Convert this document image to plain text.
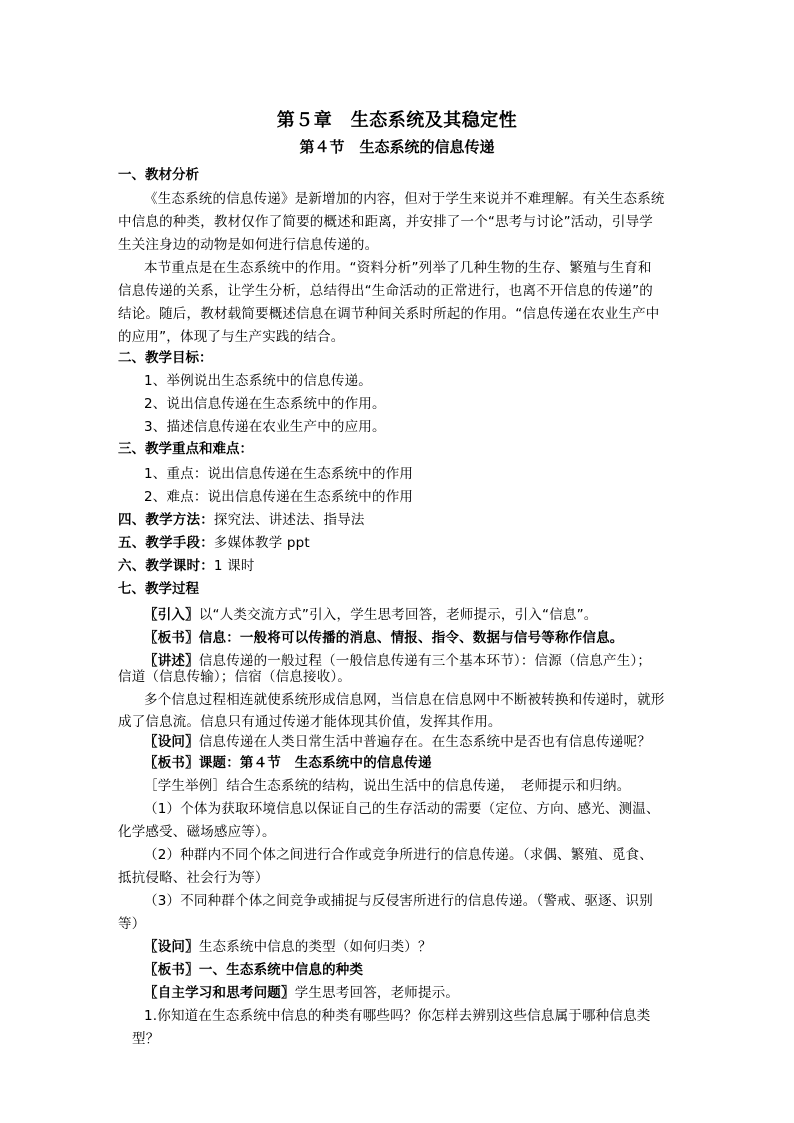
第５章　生态系统及其稳定性
第４节　生态系统的信息传递
一、教材分析
《生态系统的信息传递》是新增加的内容，但对于学生来说并不难理解。有关生态系统
中信息的种类，教材仅作了简要的概述和距离，并安排了一个“思考与讨论”活动，引导学
生关注身边的动物是如何进行信息传递的。
本节重点是在生态系统中的作用。“资料分析”列举了几种生物的生存、繁殖与生育和
信息传递的关系，让学生分析，总结得出“生命活动的正常进行，也离不开信息的传递”的
结论。随后，教材载简要概述信息在调节种间关系时所起的作用。“信息传递在农业生产中
的应用”，体现了与生产实践的结合。
二、教学目标：
1、举例说出生态系统中的信息传递。
2、说出信息传递在生态系统中的作用。
3、描述信息传递在农业生产中的应用。
三、教学重点和难点：
1、重点：说出信息传递在生态系统中的作用
2、难点：说出信息传递在生态系统中的作用
四、教学方法：探究法、讲述法、指导法
五、教学手段：多媒体教学 ppt
六、教学课时：1 课时
七、教学过程
〖引入〗以“人类交流方式”引入，学生思考回答，老师提示，引入“信息”。
〖板书〗信息：一般将可以传播的消息、情报、指令、数据与信号等称作信息。
〖讲述〗信息传递的一般过程（一般信息传递有三个基本环节）：信源（信息产生）；
信道（信息传输）；信宿（信息接收）。
多个信息过程相连就使系统形成信息网，当信息在信息网中不断被转换和传递时，就形
成了信息流。信息只有通过传递才能体现其价值，发挥其作用。
〖设问〗信息传递在人类日常生活中普遍存在。在生态系统中是否也有信息传递呢？
〖板书〗课题：第４节　生态系统中的信息传递
［学生举例］结合生态系统的结构，说出生活中的信息传递，　老师提示和归纳。
（1）个体为获取环境信息以保证自己的生存活动的需要（定位、方向、感光、测温、
化学感受、磁场感应等）。
（2）种群内不同个体之间进行合作或竞争所进行的信息传递。（求偶、繁殖、觅食、
抵抗侵略、社会行为等）
（3）不同种群个体之间竞争或捕捉与反侵害所进行的信息传递。（警戒、驱逐、识别
等）
〖设问〗生态系统中信息的类型（如何归类）？
〖板书〗一、生态系统中信息的种类
〖自主学习和思考问题〗学生思考回答，老师提示。
1.你知道在生态系统中信息的种类有哪些吗？你怎样去辨别这些信息属于哪种信息类
型？
